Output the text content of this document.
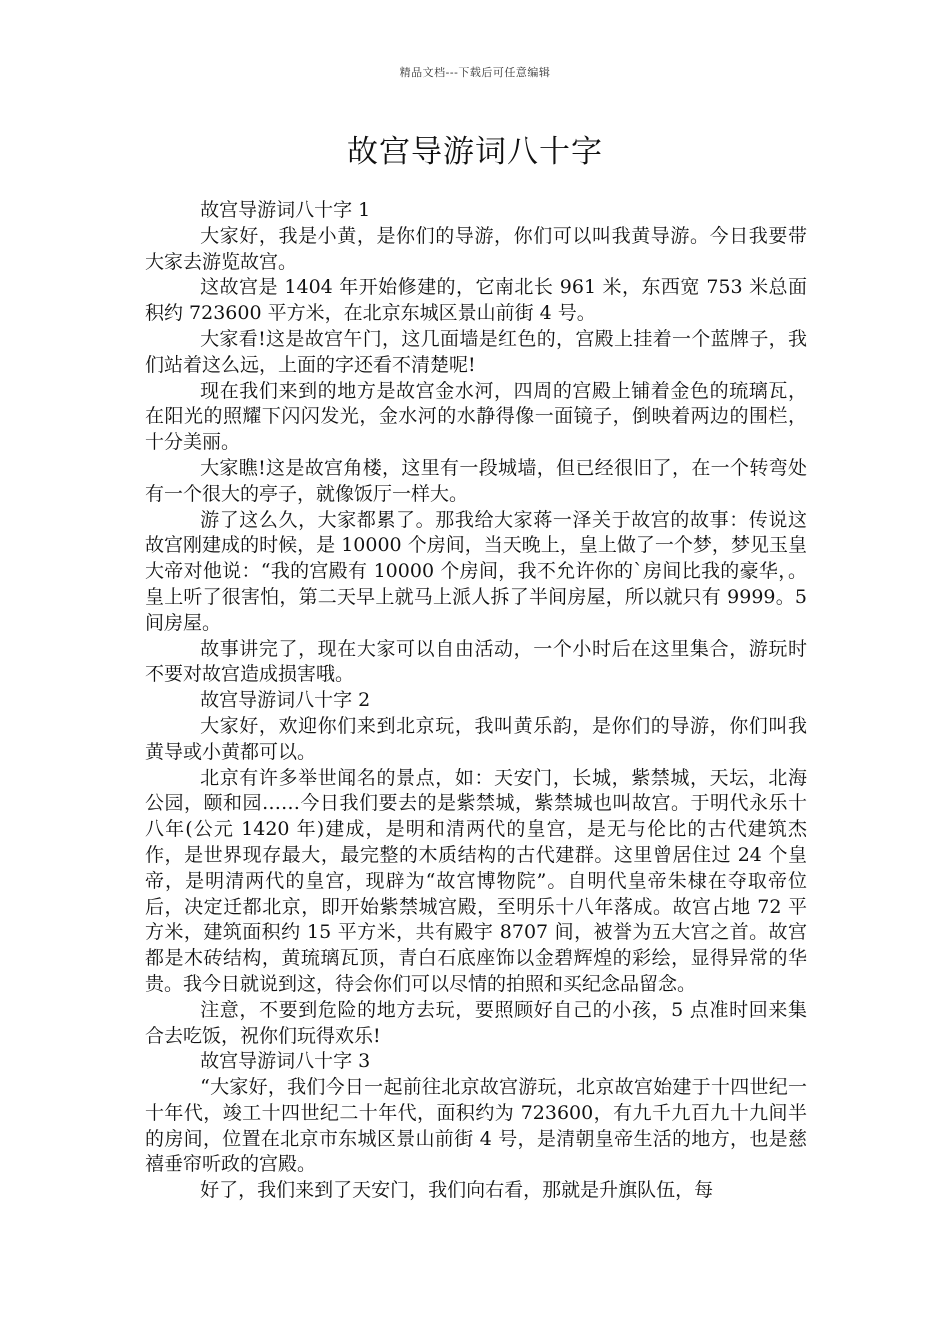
精品文档---下载后可任意编辑
故宫导游词八十字

故宫导游词八十字 1

大家好，我是小黄，是你们的导游，你们可以叫我黄导游。今日我要带大家去游览故宫。

这故宫是 1404 年开始修建的，它南北长 961 米，东西宽 753 米总面积约 723600 平方米，在北京东城区景山前街 4 号。

大家看!这是故宫午门，这几面墙是红色的，宫殿上挂着一个蓝牌子，我们站着这么远，上面的字还看不清楚呢!

现在我们来到的地方是故宫金水河，四周的宫殿上铺着金色的琉璃瓦，在阳光的照耀下闪闪发光，金水河的水静得像一面镜子，倒映着两边的围栏，十分美丽。

大家瞧!这是故宫角楼，这里有一段城墙，但已经很旧了，在一个转弯处有一个很大的亭子，就像饭厅一样大。

游了这么久，大家都累了。那我给大家蒋一泽关于故宫的故事：传说这故宫刚建成的时候，是 10000 个房间，当天晚上，皇上做了一个梦，梦见玉皇大帝对他说：“我的宫殿有 10000 个房间，我不允许你的`房间比我的豪华，。皇上听了很害怕，第二天早上就马上派人拆了半间房屋，所以就只有 9999。5 间房屋。

故事讲完了，现在大家可以自由活动，一个小时后在这里集合，游玩时不要对故宫造成损害哦。

故宫导游词八十字 2

大家好，欢迎你们来到北京玩，我叫黄乐韵，是你们的导游，你们叫我黄导或小黄都可以。

北京有许多举世闻名的景点，如：天安门，长城，紫禁城，天坛，北海公园，颐和园……今日我们要去的是紫禁城，紫禁城也叫故宫。于明代永乐十八年(公元 1420 年)建成，是明和清两代的皇宫，是无与伦比的古代建筑杰作，是世界现存最大，最完整的木质结构的古代建群。这里曾居住过 24 个皇帝，是明清两代的皇宫，现辟为“故宫博物院”。自明代皇帝朱棣在夺取帝位后，决定迁都北京，即开始紫禁城宫殿，至明乐十八年落成。故宫占地 72 平方米，建筑面积约 15 平方米，共有殿宇 8707 间，被誉为五大宫之首。故宫都是木砖结构，黄琉璃瓦顶，青白石底座饰以金碧辉煌的彩绘，显得异常的华贵。我今日就说到这，待会你们可以尽情的拍照和买纪念品留念。

注意，不要到危险的地方去玩，要照顾好自己的小孩，5 点准时回来集合去吃饭，祝你们玩得欢乐!

故宫导游词八十字 3

“大家好，我们今日一起前往北京故宫游玩，北京故宫始建于十四世纪一十年代，竣工十四世纪二十年代，面积约为 723600，有九千九百九十九间半的房间，位置在北京市东城区景山前街 4 号，是清朝皇帝生活的地方，也是慈禧垂帘听政的宫殿。

好了，我们来到了天安门，我们向右看，那就是升旗队伍，每
